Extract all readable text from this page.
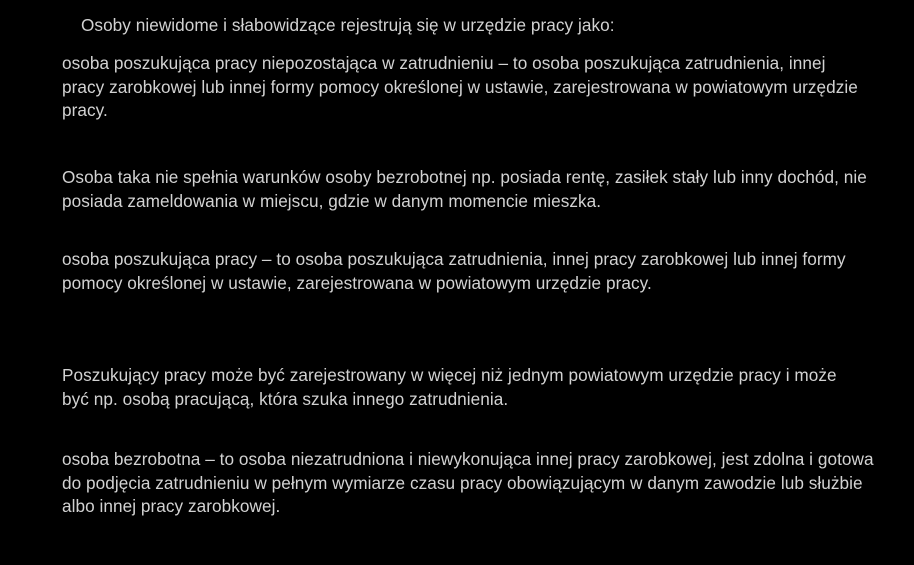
Osoby niewidome i słabowidzące rejestrują się w urzędzie pracy jako:

osoba poszukująca pracy niepozostająca w zatrudnieniu – to osoba poszukująca zatrudnienia, innej pracy zarobkowej lub innej formy pomocy określonej w ustawie, zarejestrowana w powiatowym urzędzie pracy.

Osoba taka nie spełnia warunków osoby bezrobotnej np. posiada rentę, zasiłek stały lub inny dochód, nie posiada zameldowania w miejscu, gdzie w danym momencie mieszka.

osoba poszukująca pracy – to osoba poszukująca zatrudnienia, innej pracy zarobkowej lub innej formy pomocy określonej w ustawie, zarejestrowana w powiatowym urzędzie pracy.

Poszukujący pracy może być zarejestrowany w więcej niż jednym powiatowym urzędzie pracy i może być np. osobą pracującą, która szuka innego zatrudnienia.

osoba bezrobotna – to osoba niezatrudniona i niewykonująca innej pracy zarobkowej, jest zdolna i gotowa do podjęcia zatrudnieniu w pełnym wymiarze czasu pracy obowiązującym w danym zawodzie lub służbie albo innej pracy zarobkowej.
